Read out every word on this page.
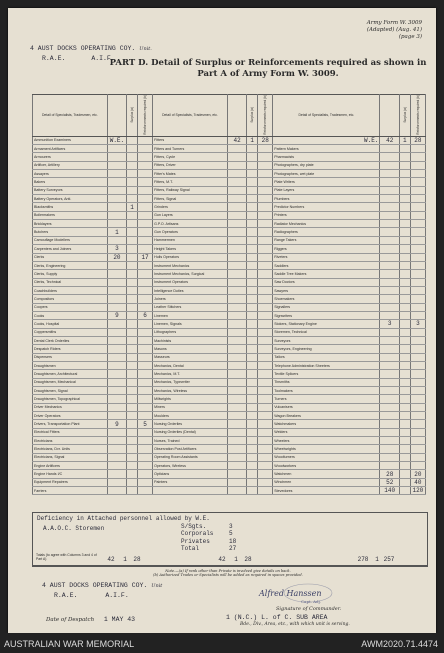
Army Form W. 3009
(Adapted) (Aug. 41)
(page 3)
4 AUST DOCKS OPERATING COY. Unit.
R.A.E.	A.I.F.
PART D. Detail of Surplus or Reinforcements required as shown in
Part A of Army Form W. 3009.
Detail of Specialists, Tradesmen, etc.		Surplus (a)	Reinforcements required (b)	Detail of Specialists, Tradesmen, etc.		Surplus (a)	Reinforcements required (b)	Detail of Specialists, Tradesmen, etc.		Surplus (a)	Reinforcements required (b)
Ammunition Examiners	W.E.			Fitters	42	1	28	W.E.	42	1	28
Armament Artificers				Fitters and Turners				Pattern Makers			
Armourers				Fitters, Cycle				Pharmacists			
Artificer, Artillery				Fitters, Driver				Photographers, dry plate			
Assayers				Fitter's Mates				Photographers, wet plate			
Bakers				Fitters, M.T.				Plate Writers			
Battery Surveyors				Fitters, Railway Signal				Plate Layers			
Battery Operators, Anti.				Fitters, Signal				Plumbers			
Blacksmiths		1		Grinders				Predictor Numbers			
Boilermakers				Gun Layers				Printers			
Bricklayers				G.P.O. Artisans				Radiator Mechanics			
Butchers	1			Gun Operators				Radiographers			
Camouflage Modellers				Hammermen				Range Takers			
Carpenters and Joiners	3			Height Takers				Riggers			
Clerks	20		17	Hulls Operators				Riveters			
Clerks, Engineering				Instrument Mechanics				Saddlers			
Clerks, Supply				Instrument Mechanics, Surgical				Saddle Tree Makers			
Clerks, Technical				Instrument Operators				Saw Doctors			
Coachbuilders				Intelligence Duties				Sawyers			
Compositors				Joiners				Shoemakers			
Coopers				Leather Stitchers				Signallers			
Cooks	9		6	Linemen				Signwriters			
Cooks, Hospital				Linemen, Signals				Stokers, Stationary Engine	3		3
Coppersmiths				Lithographers				Storemen, Technical			
Dental Clerk Orderlies				Machinists				Surveyors			
Despatch Riders				Masons				Surveyors, Engineering			
Dispensers				Masseurs				Tailors			
Draughtsmen				Mechanics, Dental				Telephone Administration Sheeters			
Draughtsmen, Architectural				Mechanics, M.T.				Textile Splicers			
Draughtsmen, Mechanical				Mechanics, Typewriter				Tinsmiths			
Draughtsmen, Signal				Mechanics, Wireless				Toolmakers			
Draughtsmen, Topographical				Millwrights				Turners			
Driver Mechanics				Miners				Vulcanisers			
Driver Operators				Moulders				Wagon Breakers			
Drivers, Transportation Plant	9		5	Nursing Orderlies				Watchmakers			
Electrical Fitters				Nursing Orderlies (Dental)				Welders			
Electricians				Nurses, Trained				Wheelers			
Electricians, Dvr. Units				Observation Post Artificers				Wheelwrights			
Electricians, Signal				Operating Room Assistants				Woodturners			
Engine Artificers				Operators, Wireless				Woodworkers			
Engine Hands I/C				Opticians				Watchmen	28		20
Equipment Repairers				Painters				Winchmen	52		40
Farriers								Stevedores	140		120
Deficiency in Attached personnel allowed by W.E.
A.A.O.C. Storemen	S/Sgts.	3
Corporals	5
Privates	18
Total	27
Totals (to agree with Columns 3 and 4 of Part A)	42	1	28	42	1	28	278	1 257
Note.—(a) If rank other than Private is involved give details on back.
(b) Authorized Trades or Specialists will be added as required in spaces provided.
4 AUST DOCKS OPERATING COY. Unit
R.A.E.	A.I.F.	Alfred Hanssen
Capt. Adj.
Signature of Commander.
Date of Despatch 1 MAY 43	1 (N.C.) L. of C. SUB AREA
Bde., Div., Area, etc., with which unit is serving.
AUSTRALIAN WAR MEMORIAL	AWM2020.71.4474
